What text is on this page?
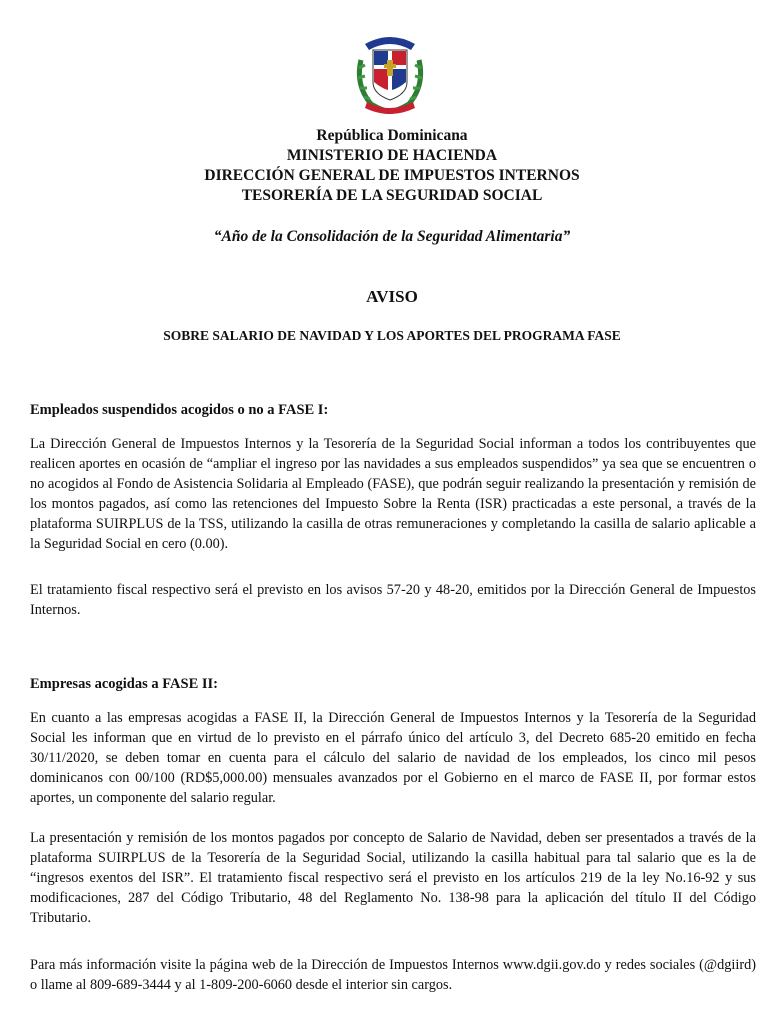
República Dominicana
MINISTERIO DE HACIENDA
DIRECCIÓN GENERAL DE IMPUESTOS INTERNOS
TESORERÍA DE LA SEGURIDAD SOCIAL
“Año de la Consolidación de la Seguridad Alimentaria”
AVISO
SOBRE SALARIO DE NAVIDAD Y LOS APORTES DEL PROGRAMA FASE
Empleados suspendidos acogidos o no a FASE I:

La Dirección General de Impuestos Internos y la Tesorería de la Seguridad Social informan a todos los contribuyentes que realicen aportes en ocasión de “ampliar el ingreso por las navidades a sus empleados suspendidos” ya sea que se encuentren o no acogidos al Fondo de Asistencia Solidaria al Empleado (FASE), que podrán seguir realizando la presentación y remisión de los montos pagados, así como las retenciones del Impuesto Sobre la Renta (ISR) practicadas a este personal, a través de la plataforma SUIRPLUS de la TSS, utilizando la casilla de otras remuneraciones y completando la casilla de salario aplicable a la Seguridad Social en cero (0.00).

El tratamiento fiscal respectivo será el previsto en los avisos 57-20 y 48-20, emitidos por la Dirección General de Impuestos Internos.

Empresas acogidas a FASE II:

En cuanto a las empresas acogidas a FASE II, la Dirección General de Impuestos Internos y la Tesorería de la Seguridad Social les informan que en virtud de lo previsto en el párrafo único del artículo 3, del Decreto 685-20 emitido en fecha 30/11/2020, se deben tomar en cuenta para el cálculo del salario de navidad de los empleados, los cinco mil pesos dominicanos con 00/100 (RD$5,000.00) mensuales avanzados por el Gobierno en el marco de FASE II, por formar estos aportes, un componente del salario regular.

La presentación y remisión de los montos pagados por concepto de Salario de Navidad, deben ser presentados a través de la plataforma SUIRPLUS de la Tesorería de la Seguridad Social, utilizando la casilla habitual para tal salario que es la de “ingresos exentos del ISR”. El tratamiento fiscal respectivo será el previsto en los artículos 219 de la ley No.16-92 y sus modificaciones, 287 del Código Tributario, 48 del Reglamento No. 138-98 para la aplicación del título II del Código Tributario.

Para más información visite la página web de la Dirección de Impuestos Internos www.dgii.gov.do y redes sociales (@dgiird) o llame al 809-689-3444 y al 1-809-200-6060 desde el interior sin cargos.
